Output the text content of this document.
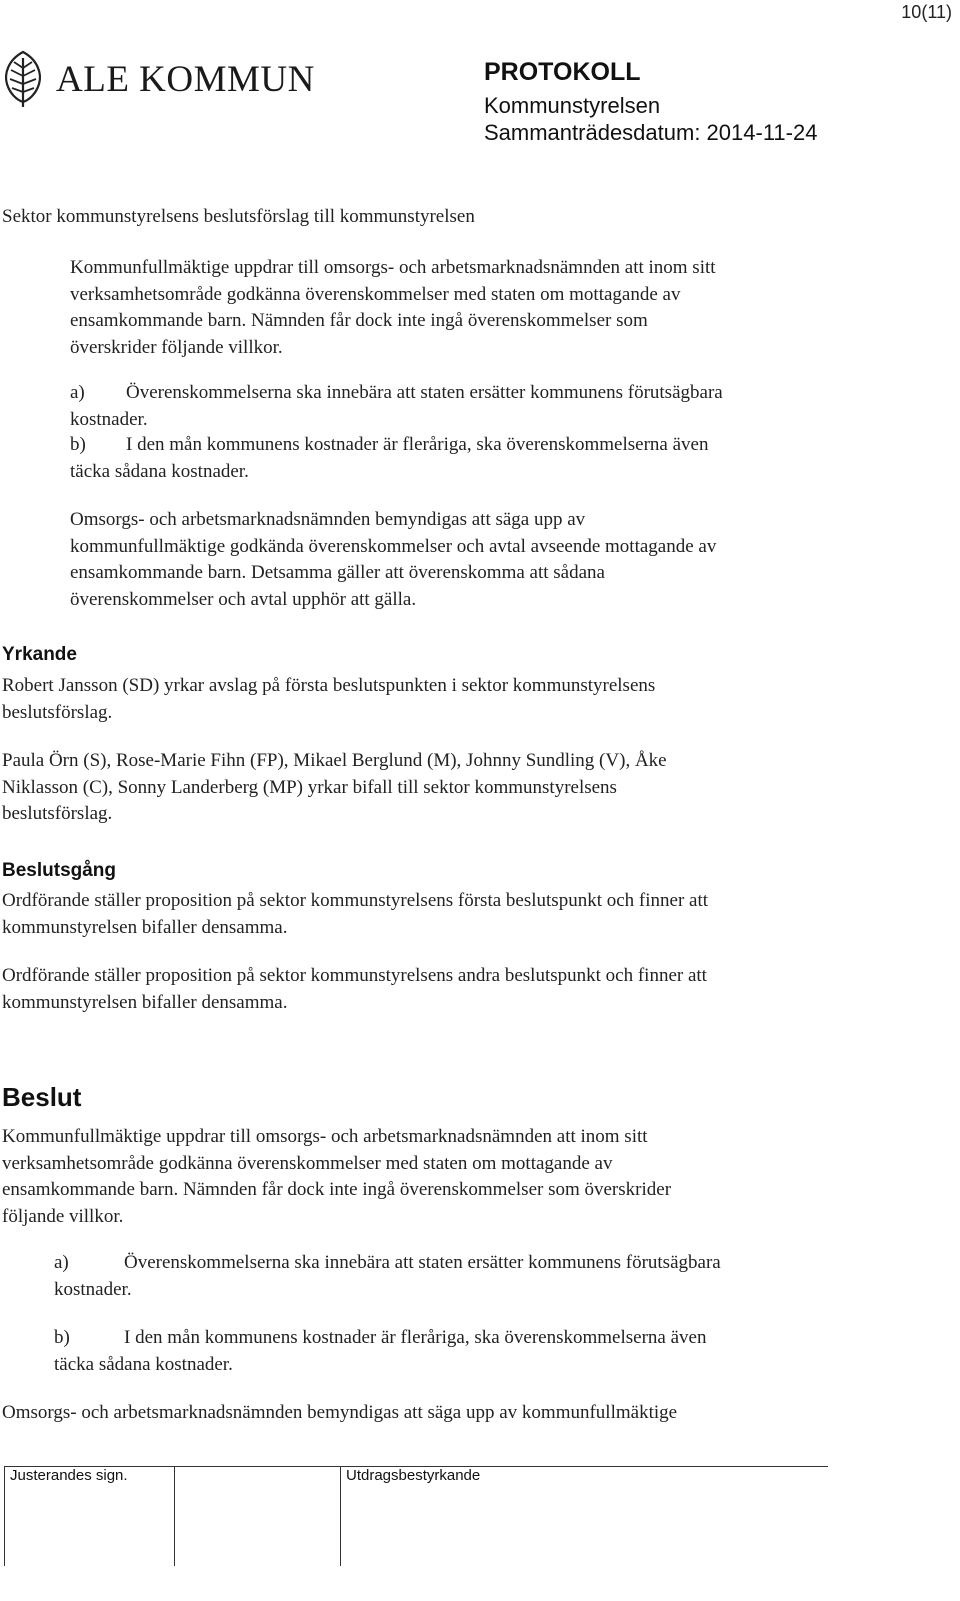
10(11)
ALE KOMMUN	PROTOKOLL
Kommunstyrelsen
Sammanträdesdatum: 2014-11-24
Sektor kommunstyrelsens beslutsförslag till kommunstyrelsen
Kommunfullmäktige uppdrar till omsorgs- och arbetsmarknadsnämnden att inom sitt
verksamhetsområde godkänna överenskommelser med staten om mottagande av
ensamkommande barn. Nämnden får dock inte ingå överenskommelser som
överskrider följande villkor.
a) Överenskommelserna ska innebära att staten ersätter kommunens förutsägbara
kostnader.
b) I den mån kommunens kostnader är fleråriga, ska överenskommelserna även
täcka sådana kostnader.
Omsorgs- och arbetsmarknadsnämnden bemyndigas att säga upp av
kommunfullmäktige godkända överenskommelser och avtal avseende mottagande av
ensamkommande barn. Detsamma gäller att överenskomma att sådana
överenskommelser och avtal upphör att gälla.
Yrkande
Robert Jansson (SD) yrkar avslag på första beslutspunkten i sektor kommunstyrelsens
beslutsförslag.
Paula Örn (S), Rose-Marie Fihn (FP), Mikael Berglund (M), Johnny Sundling (V), Åke
Niklasson (C), Sonny Landerberg (MP) yrkar bifall till sektor kommunstyrelsens
beslutsförslag.
Beslutsgång
Ordförande ställer proposition på sektor kommunstyrelsens första beslutspunkt och finner att
kommunstyrelsen bifaller densamma.
Ordförande ställer proposition på sektor kommunstyrelsens andra beslutspunkt och finner att
kommunstyrelsen bifaller densamma.
Beslut
Kommunfullmäktige uppdrar till omsorgs- och arbetsmarknadsnämnden att inom sitt
verksamhetsområde godkänna överenskommelser med staten om mottagande av
ensamkommande barn. Nämnden får dock inte ingå överenskommelser som överskrider
följande villkor.
a)	Överenskommelserna ska innebära att staten ersätter kommunens förutsägbara
kostnader.
b)	I den mån kommunens kostnader är fleråriga, ska överenskommelserna även
täcka sådana kostnader.
Omsorgs- och arbetsmarknadsnämnden bemyndigas att säga upp av kommunfullmäktige
Justerandes sign.	Utdragsbestyrkande
